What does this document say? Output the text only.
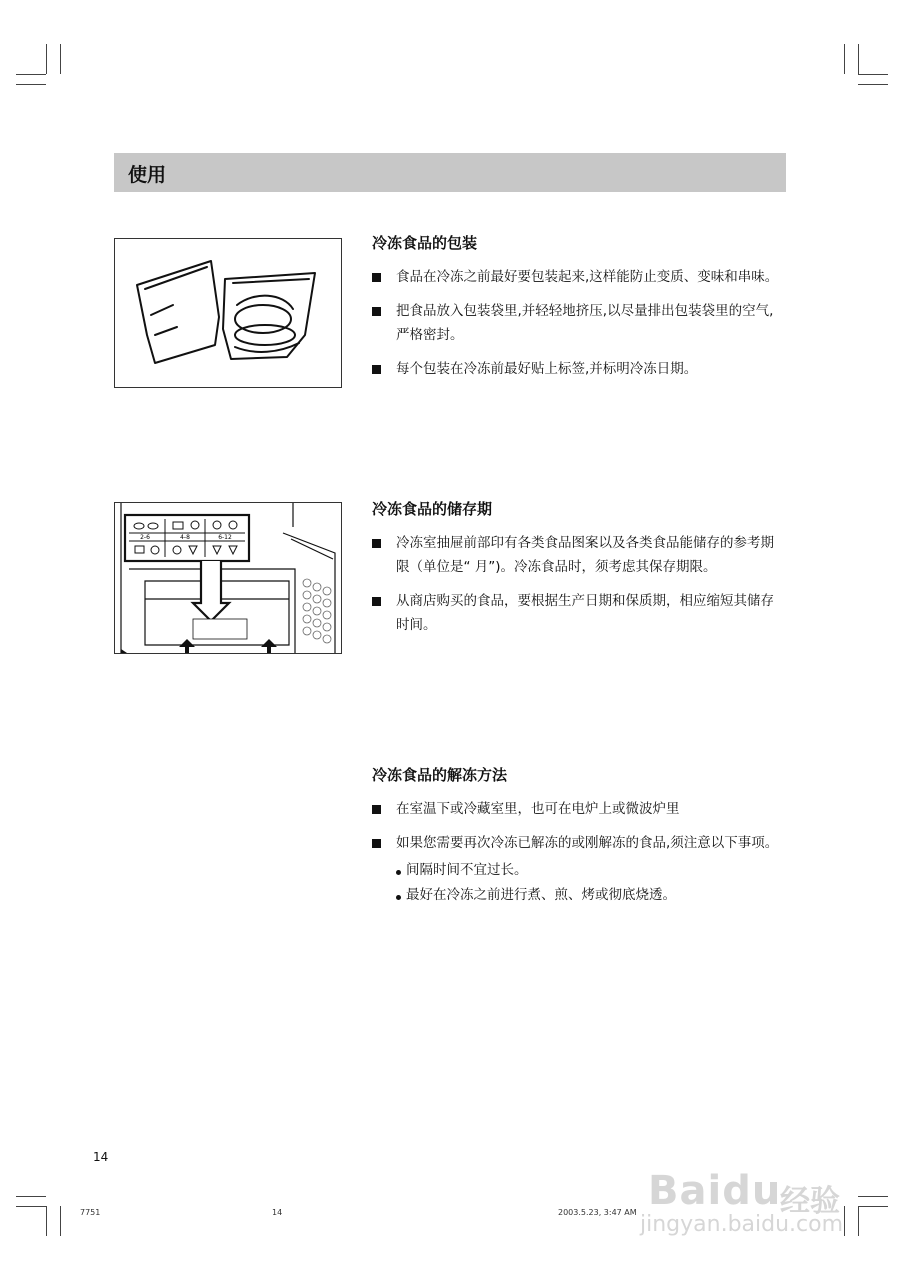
使用
2-6	4-8	6-12
冷冻食品的包装
食品在冷冻之前最好要包装起来,这样能防止变质、变味和串味。
把食品放入包装袋里,并轻轻地挤压,以尽量排出包装袋里的空气,严格密封。
每个包装在冷冻前最好贴上标签,并标明冷冻日期。
冷冻食品的储存期
冷冻室抽屉前部印有各类食品图案以及各类食品能储存的参考期限（单位是“ 月”)。冷冻食品时，须考虑其保存期限。
从商店购买的食品，要根据生产日期和保质期，相应缩短其储存时间。
冷冻食品的解冻方法
在室温下或冷藏室里，也可在电炉上或微波炉里
如果您需要再次冷冻已解冻的或刚解冻的食品,须注意以下事项。
间隔时间不宜过长。
最好在冷冻之前进行煮、煎、烤或彻底烧透。
14
7751	14	2003.5.23, 3:47 AM Baidu
经验
jingyan.baidu.com
